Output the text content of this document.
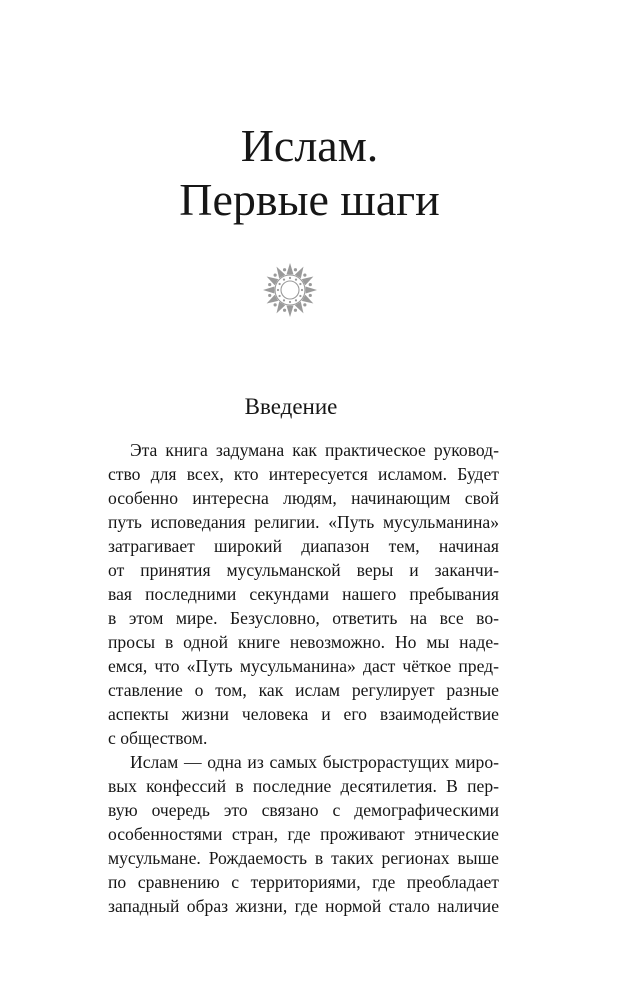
Ислам.
Первые шаги
Введение
Эта книга задумана как практическое руковод-
ство для всех, кто интересуется исламом. Будет
особенно интересна людям, начинающим свой
путь исповедания религии. «Путь мусульманина»
затрагивает широкий диапазон тем, начиная
от принятия мусульманской веры и заканчи-
вая последними секундами нашего пребывания
в этом мире. Безусловно, ответить на все во-
просы в одной книге невозможно. Но мы наде-
емся, что «Путь мусульманина» даст чёткое пред-
ставление о том, как ислам регулирует разные
аспекты жизни человека и его взаимодействие
с обществом.
Ислам — одна из самых быстрорастущих миро-
вых конфессий в последние десятилетия. В пер-
вую очередь это связано с демографическими
особенностями стран, где проживают этнические
мусульмане. Рождаемость в таких регионах выше
по сравнению с территориями, где преобладает
западный образ жизни, где нормой стало наличие
